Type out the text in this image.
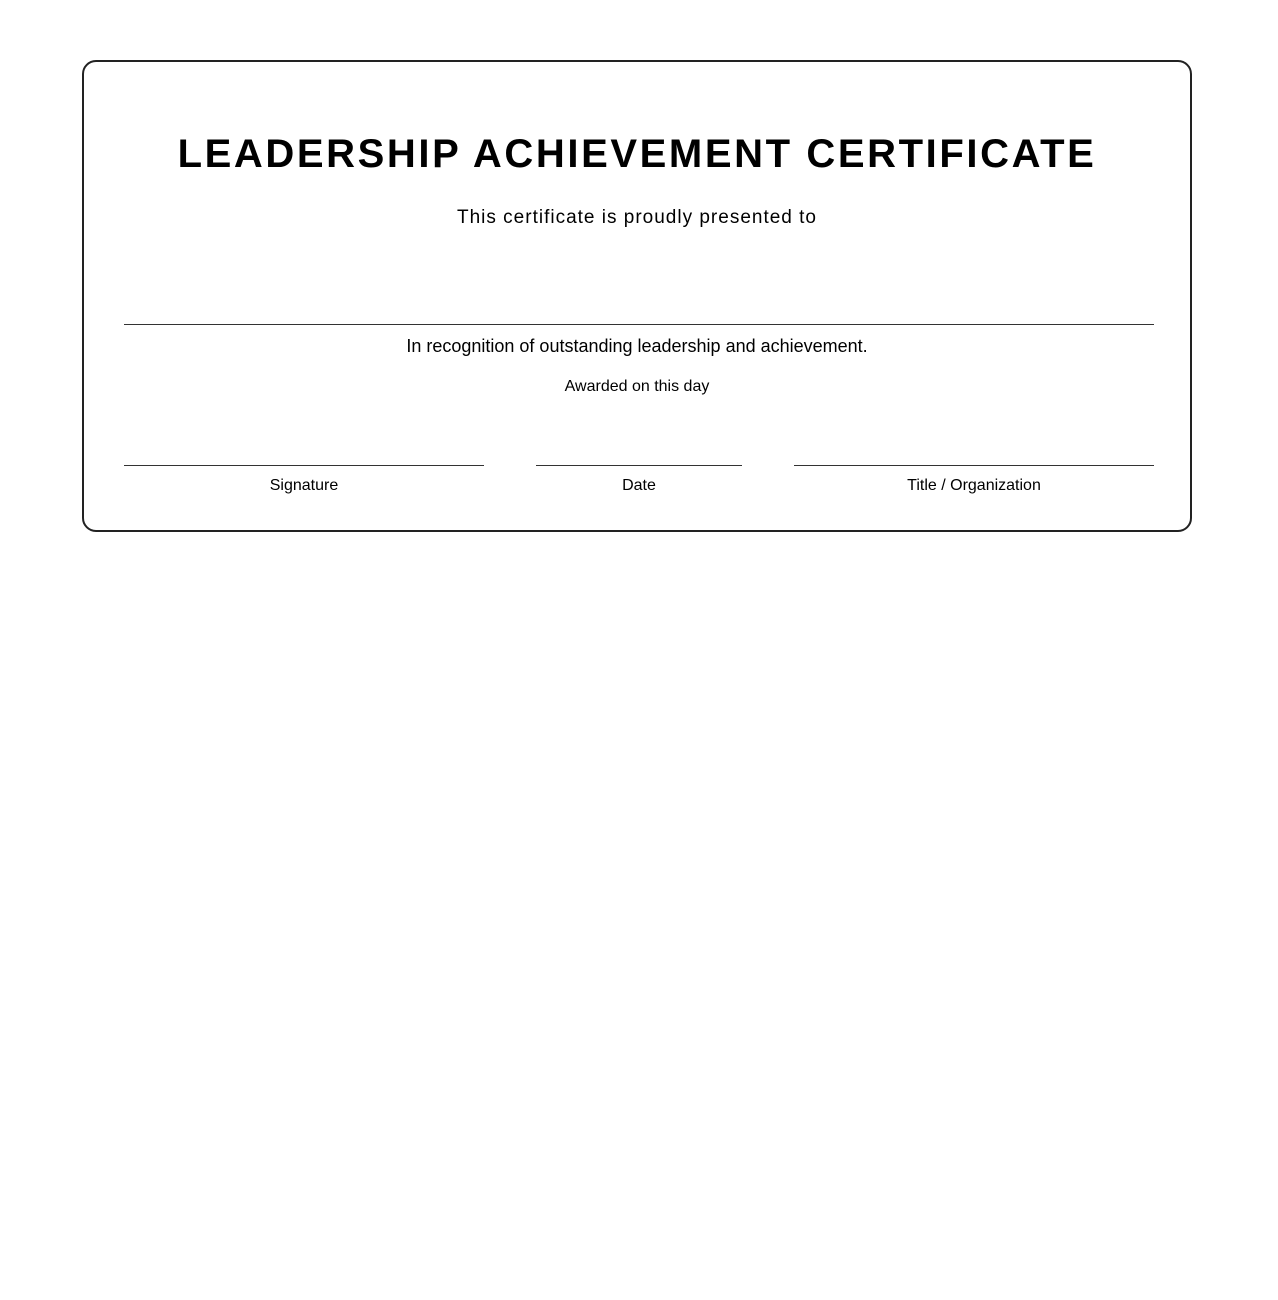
LEADERSHIP ACHIEVEMENT CERTIFICATE

This certificate is proudly presented to

In recognition of outstanding leadership and achievement.

Awarded on this day

Signature	Date	Title / Organization
